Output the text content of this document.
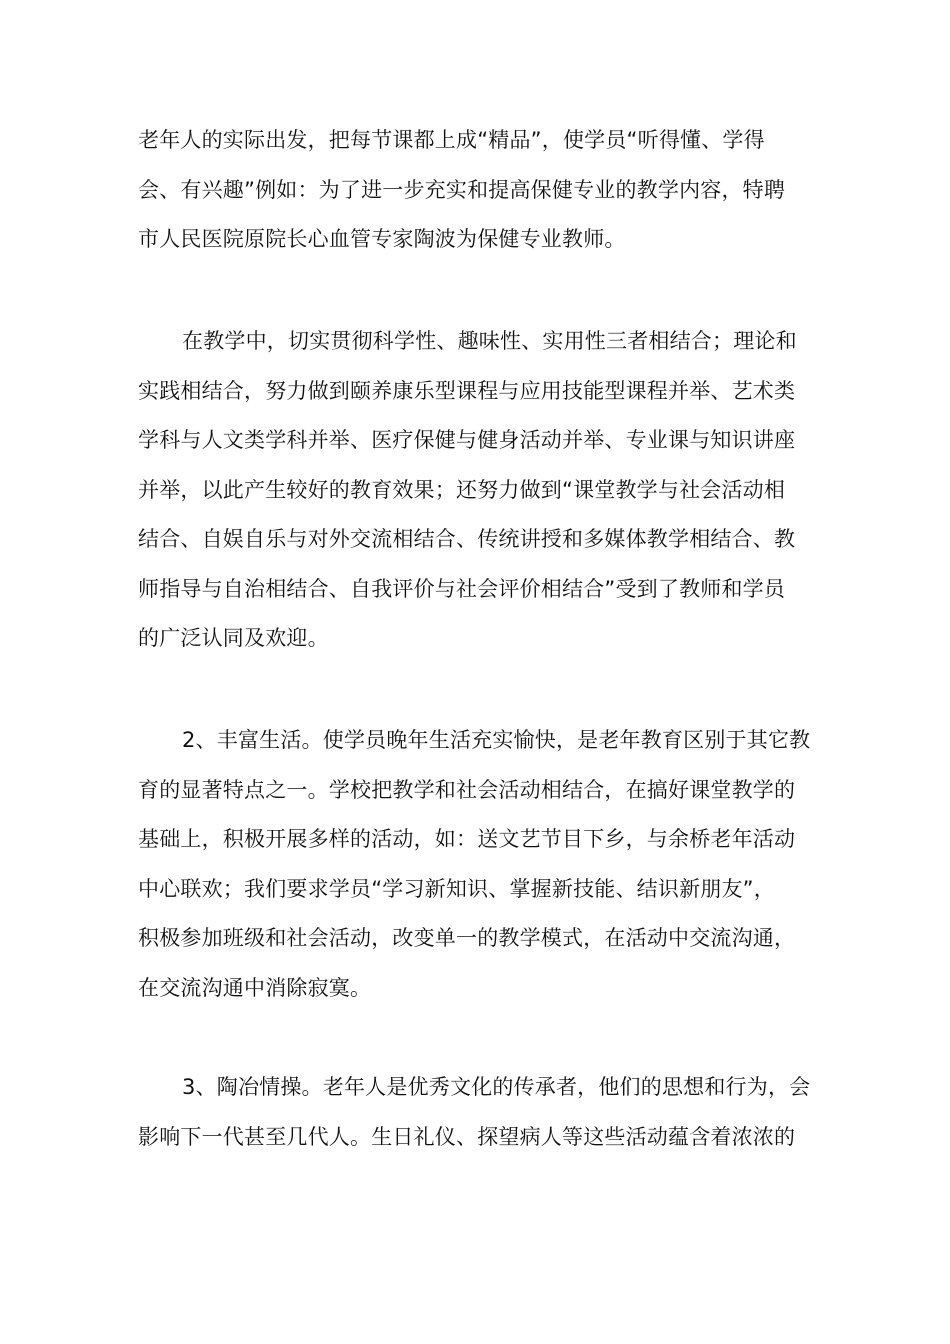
老年人的实际出发，把每节课都上成“精品”，使学员“听得懂、学得
会、有兴趣”例如：为了进一步充实和提高保健专业的教学内容，特聘
市人民医院原院长心血管专家陶波为保健专业教师。
在教学中，切实贯彻科学性、趣味性、实用性三者相结合；理论和
实践相结合，努力做到颐养康乐型课程与应用技能型课程并举、艺术类
学科与人文类学科并举、医疗保健与健身活动并举、专业课与知识讲座
并举，以此产生较好的教育效果；还努力做到“课堂教学与社会活动相
结合、自娱自乐与对外交流相结合、传统讲授和多媒体教学相结合、教
师指导与自治相结合、自我评价与社会评价相结合”受到了教师和学员
的广泛认同及欢迎。
2、丰富生活。使学员晚年生活充实愉快，是老年教育区别于其它教
育的显著特点之一。学校把教学和社会活动相结合，在搞好课堂教学的
基础上，积极开展多样的活动，如：送文艺节目下乡，与余桥老年活动
中心联欢；我们要求学员“学习新知识、掌握新技能、结识新朋友”，
积极参加班级和社会活动，改变单一的教学模式，在活动中交流沟通，
在交流沟通中消除寂寞。
3、陶冶情操。老年人是优秀文化的传承者，他们的思想和行为，会
影响下一代甚至几代人。生日礼仪、探望病人等这些活动蕴含着浓浓的
